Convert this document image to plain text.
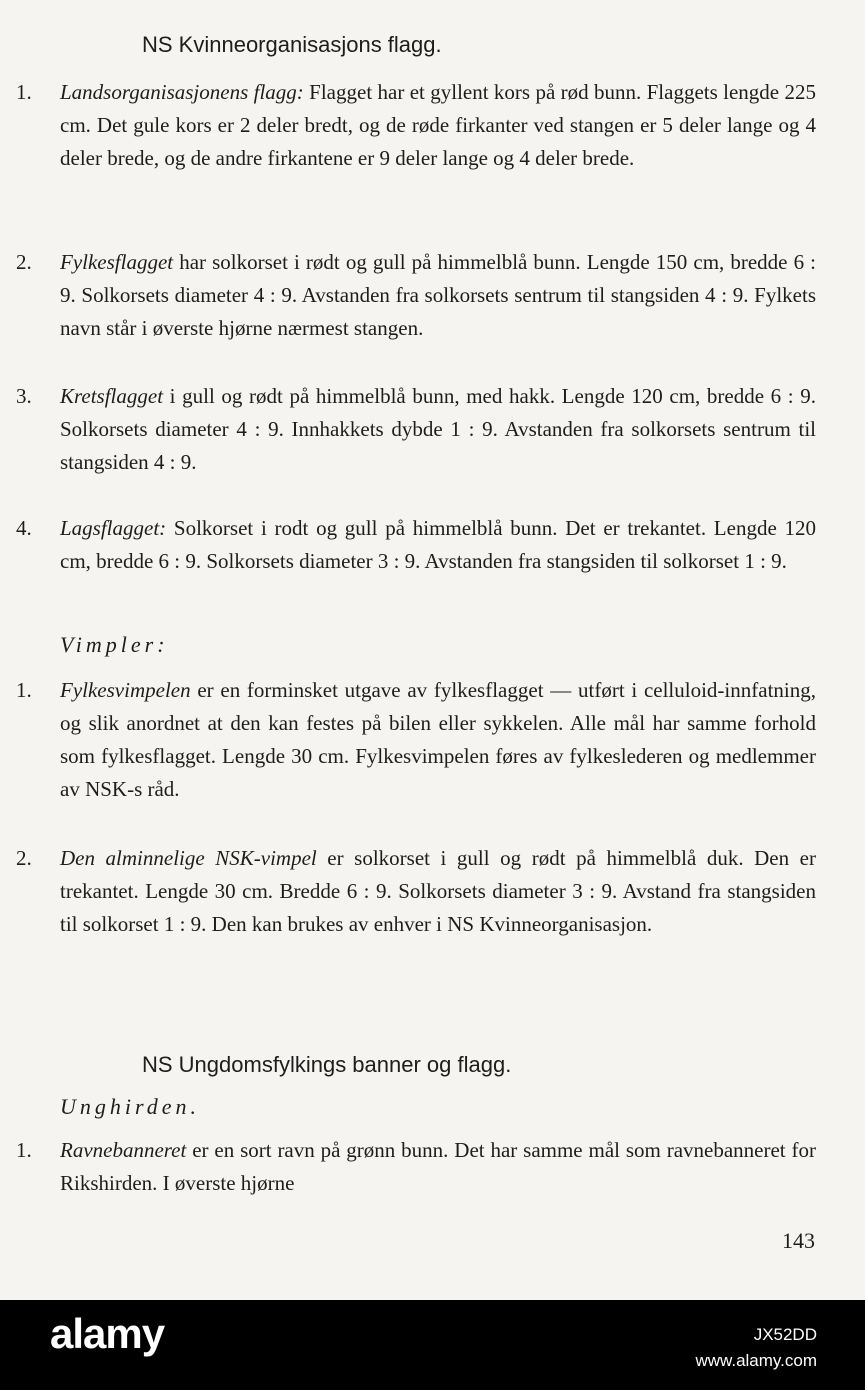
NS Kvinneorganisasjons flagg.
1. Landsorganisasjonens flagg: Flagget har et gyllent kors på rød bunn. Flaggets lengde 225 cm. Det gule kors er 2 deler bredt, og de røde firkanter ved stangen er 5 deler lange og 4 deler brede, og de andre firkantene er 9 deler lange og 4 deler brede.
2. Fylkesflagget har solkorset i rødt og gull på himmelblå bunn. Lengde 150 cm, bredde 6 : 9. Solkorsets diameter 4 : 9. Avstanden fra solkorsets sentrum til stangsiden 4 : 9. Fylkets navn står i øverste hjørne nærmest stangen.
3. Kretsflagget i gull og rødt på himmelblå bunn, med hakk. Lengde 120 cm, bredde 6 : 9. Solkorsets diameter 4 : 9. Innhakkets dybde 1 : 9. Avstanden fra solkorsets sentrum til stangsiden 4 : 9.
4. Lagsflagget: Solkorset i rodt og gull på himmelblå bunn. Det er trekantet. Lengde 120 cm, bredde 6 : 9. Solkorsets diameter 3 : 9. Avstanden fra stangsiden til solkorset 1 : 9.
Vimpler:
1. Fylkesvimpelen er en forminsket utgave av fylkesflagget — utført i celluloid-innfatning, og slik anordnet at den kan festes på bilen eller sykkelen. Alle mål har samme forhold som fylkesflagget. Lengde 30 cm. Fylkesvimpelen føres av fylkeslederen og medlemmer av NSK-s råd.
2. Den alminnelige NSK-vimpel er solkorset i gull og rødt på himmelblå duk. Den er trekantet. Lengde 30 cm. Bredde 6 : 9. Solkorsets diameter 3 : 9. Avstand fra stangsiden til solkorset 1 : 9. Den kan brukes av enhver i NS Kvinneorganisasjon.
NS Ungdomsfylkings banner og flagg.
Unghirden.
1. Ravnebanneret er en sort ravn på grønn bunn. Det har samme mål som ravnebanneret for Rikshirden. I øverste hjørne
143
alamy	JX52DD
www.alamy.com
